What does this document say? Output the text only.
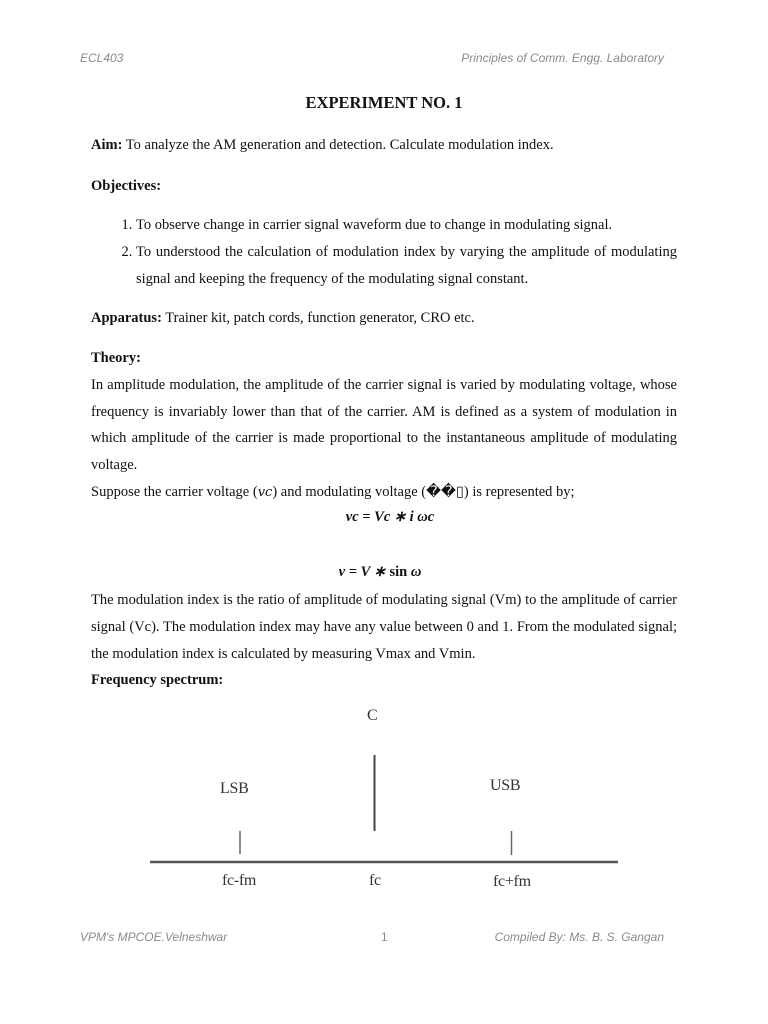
ECL403	Principles of Comm. Engg. Laboratory
EXPERIMENT NO. 1

Aim: To analyze the AM generation and detection. Calculate modulation index.

Objectives:

1. To observe change in carrier signal waveform due to change in modulating signal.
2. To understood the calculation of modulation index by varying the amplitude of modulating signal and keeping the frequency of the modulating signal constant.

Apparatus: Trainer kit, patch cords, function generator, CRO etc.

Theory:

In amplitude modulation, the amplitude of the carrier signal is varied by modulating voltage, whose frequency is invariably lower than that of the carrier. AM is defined as a system of modulation in which amplitude of the carrier is made proportional to the instantaneous amplitude of modulating voltage.

Suppose the carrier voltage (vc) and modulating voltage (��▯) is represented by;

vc = Vc ∗ i ωc
v = V ∗ sin ω

The modulation index is the ratio of amplitude of modulating signal (Vm) to the amplitude of carrier signal (Vc). The modulation index may have any value between 0 and 1. From the modulated signal; the modulation index is calculated by measuring Vmax and Vmin.

Frequency spectrum:

C
LSB	USB
fc-fm	fc	fc+fm
VPM's MPCOE.Velneshwar	1	Compiled By: Ms. B. S. Gangan
